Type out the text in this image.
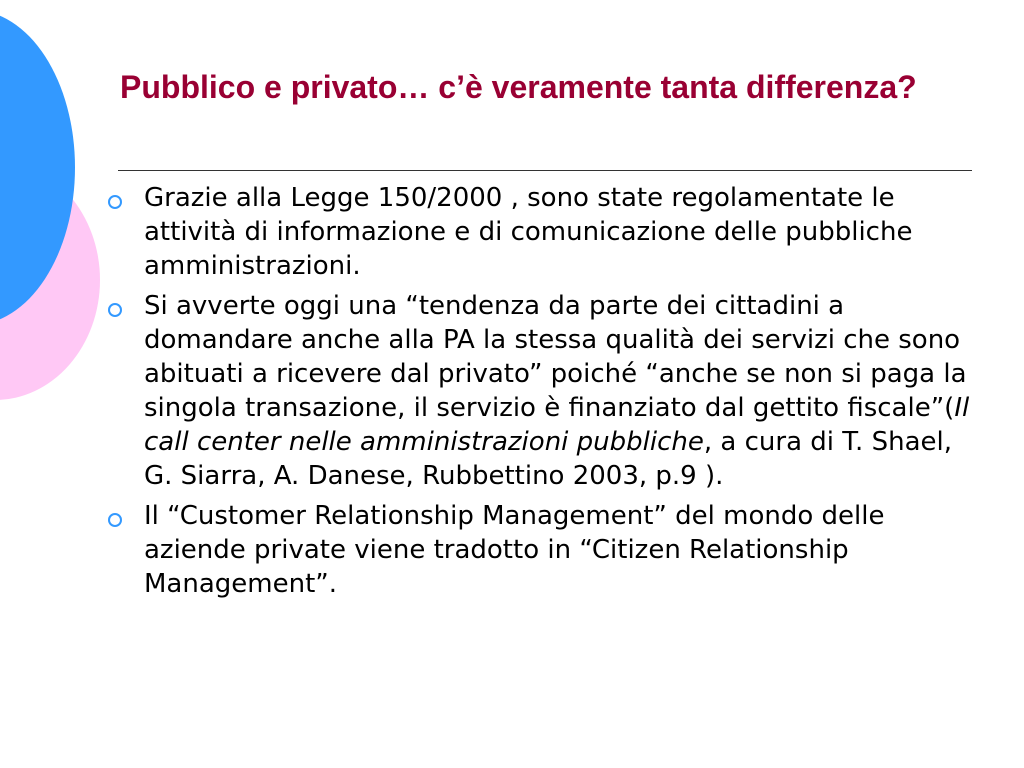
Pubblico e privato… c’è veramente tanta differenza?
Grazie alla Legge 150/2000 , sono state regolamentate le attività di informazione e di comunicazione delle pubbliche amministrazioni.
Si avverte oggi una “tendenza da parte dei cittadini a domandare anche alla PA la stessa qualità dei servizi che sono abituati a ricevere dal privato” poiché “anche se non si paga la singola transazione, il servizio è finanziato dal gettito fiscale”(Il call center nelle amministrazioni pubbliche, a cura di T. Shael, G. Siarra, A. Danese, Rubbettino 2003, p.9 ).
Il “Customer Relationship Management” del mondo delle aziende private viene tradotto in “Citizen Relationship Management”.
